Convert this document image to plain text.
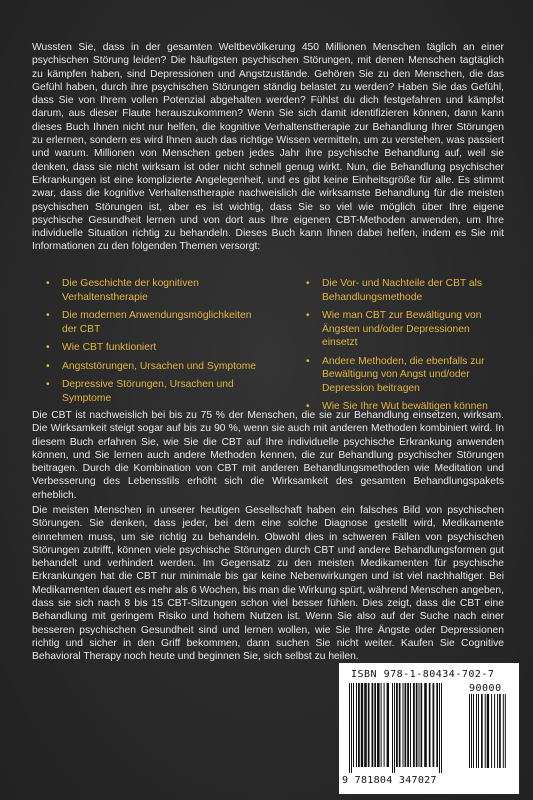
Wussten Sie, dass in der gesamten Weltbevölkerung 450 Millionen Menschen täglich an einer psychischen Störung leiden? Die häufigsten psychischen Störungen, mit denen Menschen tagtäglich zu kämpfen haben, sind Depressionen und Angstzustände. Gehören Sie zu den Menschen, die das Gefühl haben, durch ihre psychischen Störungen ständig belastet zu werden? Haben Sie das Gefühl, dass Sie von Ihrem vollen Potenzial abgehalten werden? Fühlst du dich festgefahren und kämpfst darum, aus dieser Flaute herauszukommen? Wenn Sie sich damit identifizieren können, dann kann dieses Buch Ihnen nicht nur helfen, die kognitive Verhaltenstherapie zur Behandlung Ihrer Störungen zu erlernen, sondern es wird Ihnen auch das richtige Wissen vermitteln, um zu verstehen, was passiert und warum. Millionen von Menschen geben jedes Jahr ihre psychische Behandlung auf, weil sie denken, dass sie nicht wirksam ist oder nicht schnell genug wirkt. Nun, die Behandlung psychischer Erkrankungen ist eine komplizierte Angelegenheit, und es gibt keine Einheitsgröße für alle. Es stimmt zwar, dass die kognitive Verhaltenstherapie nachweislich die wirksamste Behandlung für die meisten psychischen Störungen ist, aber es ist wichtig, dass Sie so viel wie möglich über Ihre eigene psychische Gesundheit lernen und von dort aus Ihre eigenen CBT-Methoden anwenden, um Ihre individuelle Situation richtig zu behandeln. Dieses Buch kann Ihnen dabei helfen, indem es Sie mit Informationen zu den folgenden Themen versorgt:

• Die Geschichte der kognitiven Verhaltenstherapie
• Die modernen Anwendungsmöglichkeiten der CBT
• Wie CBT funktioniert
• Angststörungen, Ursachen und Symptome
• Depressive Störungen, Ursachen und Symptome
• Die Vor- und Nachteile der CBT als Behandlungsmethode
• Wie man CBT zur Bewältigung von Ängsten und/oder Depressionen einsetzt
• Andere Methoden, die ebenfalls zur Bewältigung von Angst und/oder Depression beitragen
• Wie Sie Ihre Wut bewältigen können

Die CBT ist nachweislich bei bis zu 75 % der Menschen, die sie zur Behandlung einsetzen, wirksam. Die Wirksamkeit steigt sogar auf bis zu 90 %, wenn sie auch mit anderen Methoden kombiniert wird. In diesem Buch erfahren Sie, wie Sie die CBT auf Ihre individuelle psychische Erkrankung anwenden können, und Sie lernen auch andere Methoden kennen, die zur Behandlung psychischer Störungen beitragen. Durch die Kombination von CBT mit anderen Behandlungsmethoden wie Meditation und Verbesserung des Lebensstils erhöht sich die Wirksamkeit des gesamten Behandlungspakets erheblich.

Die meisten Menschen in unserer heutigen Gesellschaft haben ein falsches Bild von psychischen Störungen. Sie denken, dass jeder, bei dem eine solche Diagnose gestellt wird, Medikamente einnehmen muss, um sie richtig zu behandeln. Obwohl dies in schweren Fällen von psychischen Störungen zutrifft, können viele psychische Störungen durch CBT und andere Behandlungsformen gut behandelt und verhindert werden. Im Gegensatz zu den meisten Medikamenten für psychische Erkrankungen hat die CBT nur minimale bis gar keine Nebenwirkungen und ist viel nachhaltiger. Bei Medikamenten dauert es mehr als 6 Wochen, bis man die Wirkung spürt, während Menschen angeben, dass sie sich nach 8 bis 15 CBT-Sitzungen schon viel besser fühlen. Dies zeigt, dass die CBT eine Behandlung mit geringem Risiko und hohem Nutzen ist. Wenn Sie also auf der Suche nach einer besseren psychischen Gesundheit sind und lernen wollen, wie Sie Ihre Ängste oder Depressionen richtig und sicher in den Griff bekommen, dann suchen Sie nicht weiter. Kaufen Sie Cognitive Behavioral Therapy noch heute und beginnen Sie, sich selbst zu heilen.

ISBN 978-1-80434-702-7
90000
9 781804 347027
